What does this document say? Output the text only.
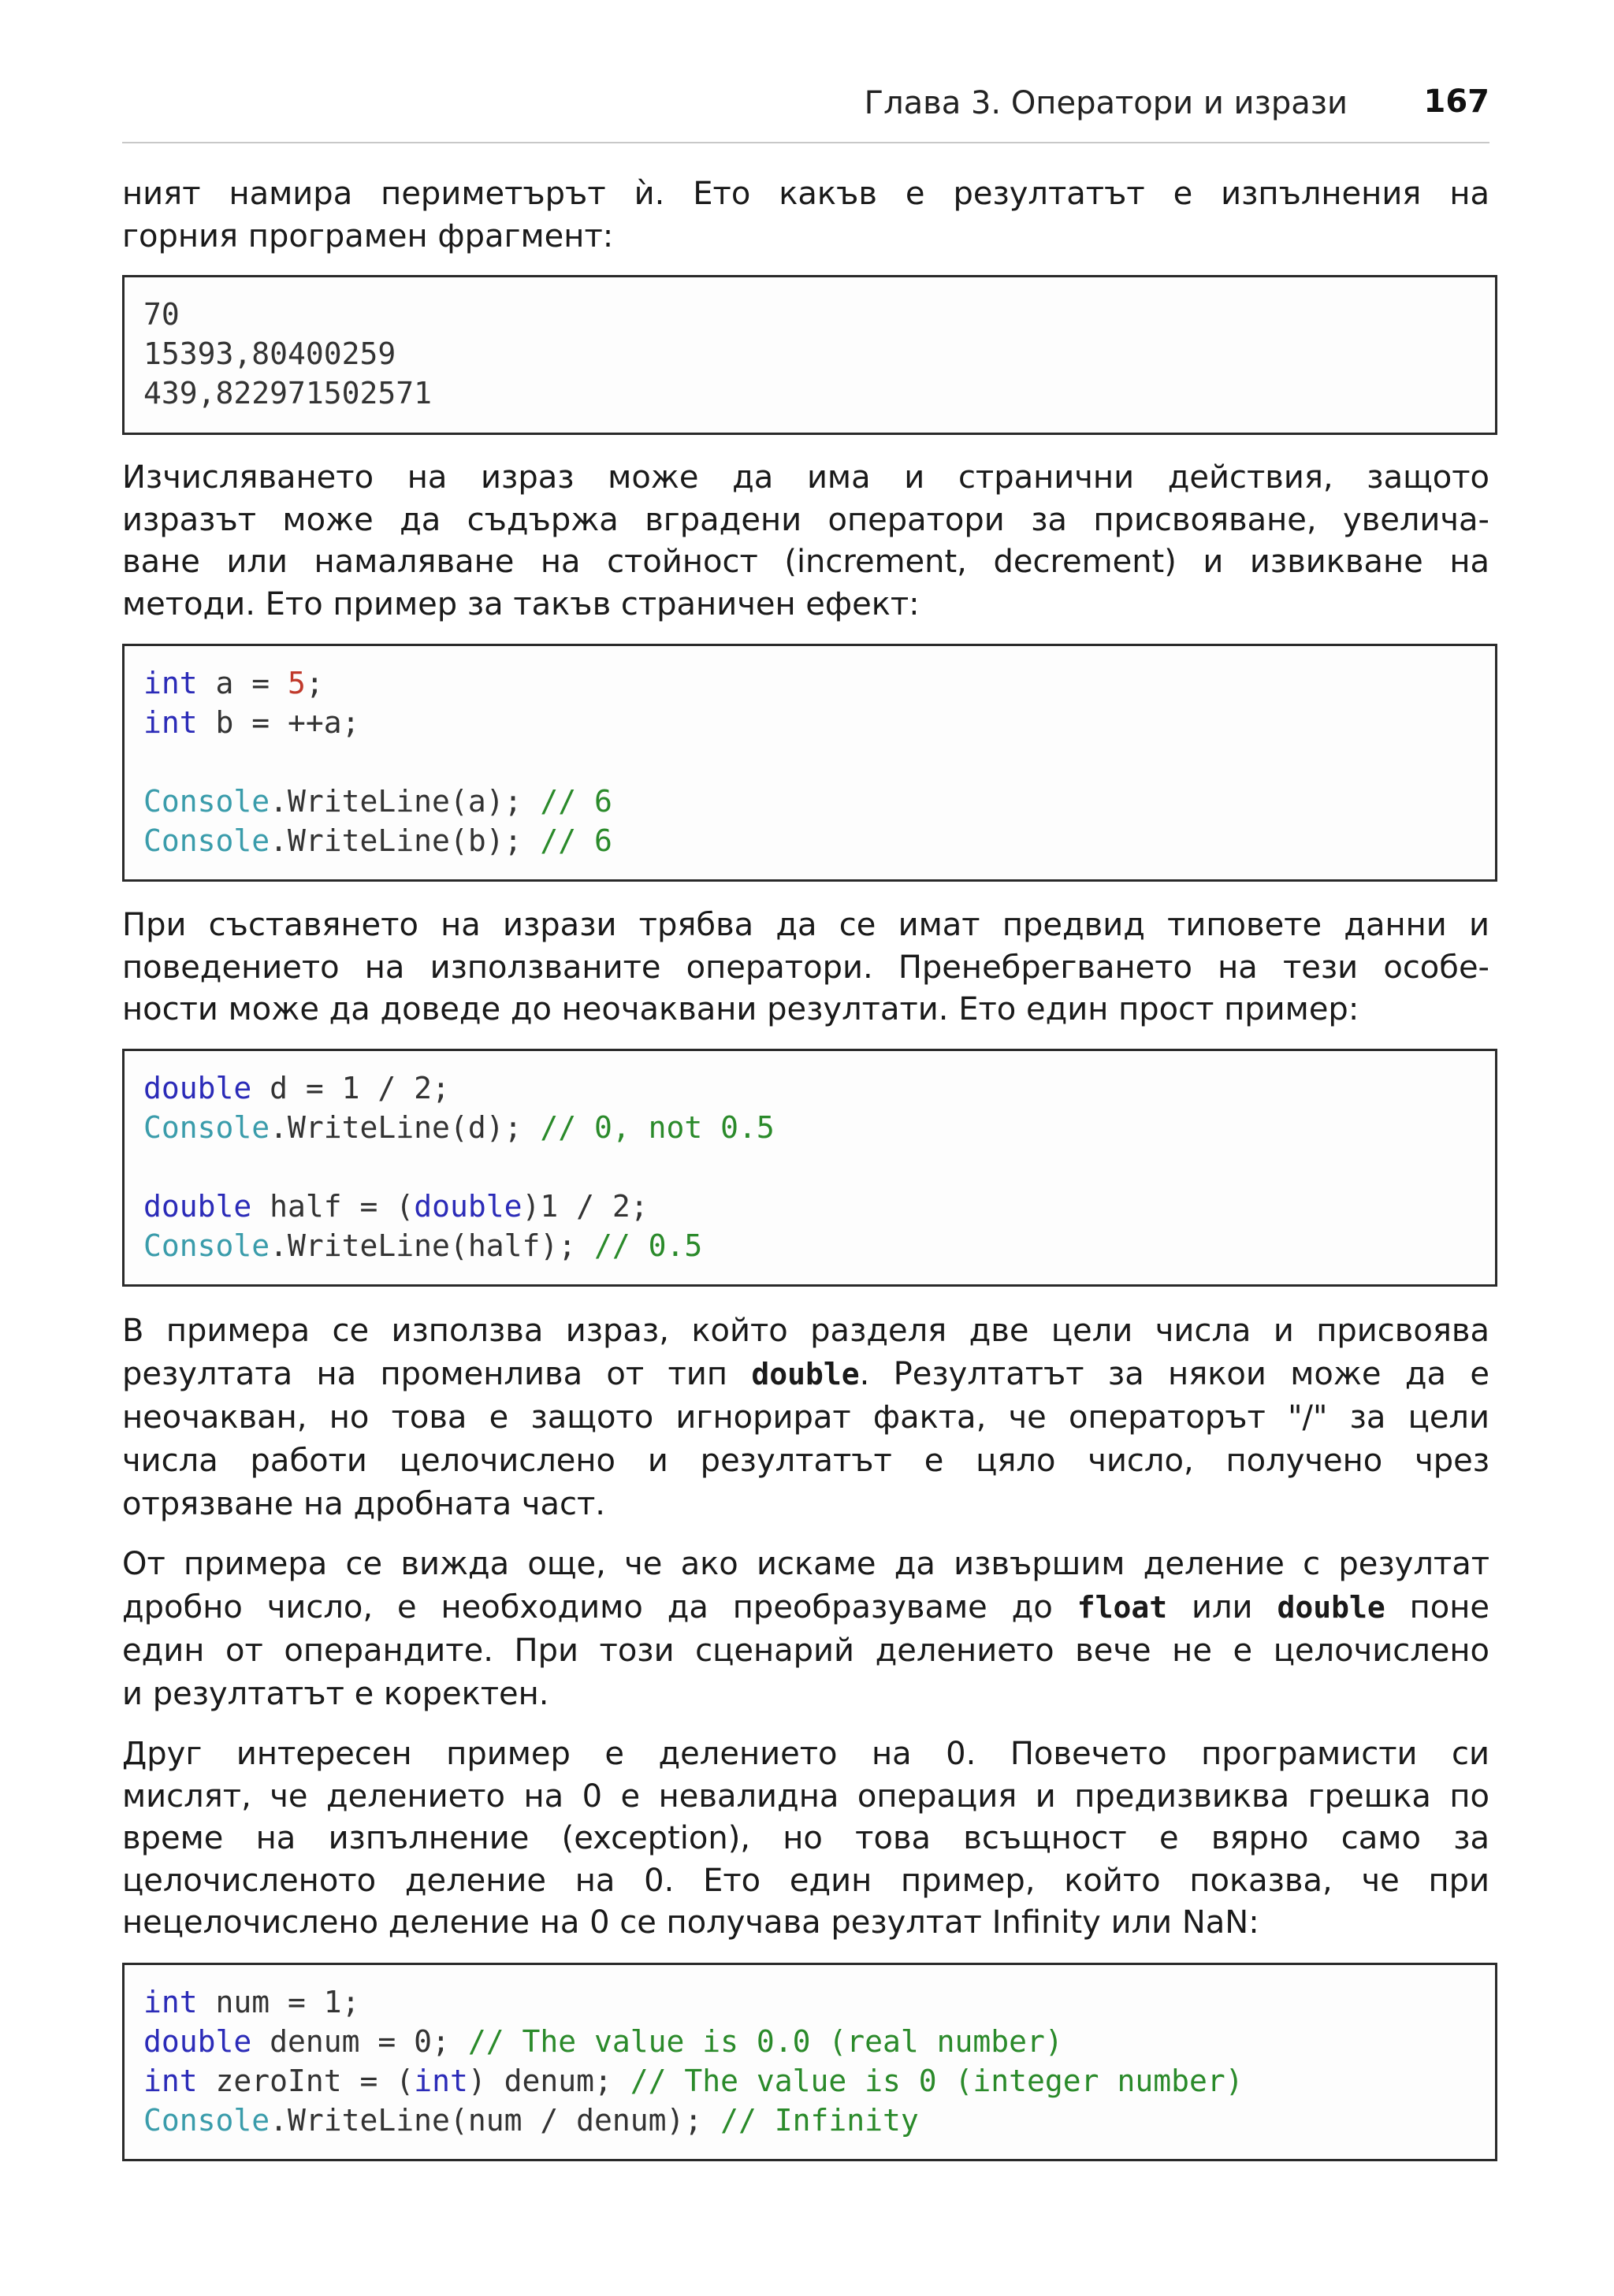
Глава 3. Оператори и изрази 167
ният намира периметърът ѝ. Ето какъв е резултатът е изпълнения на
горния програмен фрагмент:
70
15393,80400259
439,822971502571
Изчисляването на израз може да има и странични действия, защото
изразът може да съдържа вградени оператори за присвояване, увелича-
ване или намаляване на стойност (increment, decrement) и извикване на
методи. Ето пример за такъв страничен ефект:
int a = 5;
int b = ++a;
Console.WriteLine(a); // 6
Console.WriteLine(b); // 6
При съставянето на изрази трябва да се имат предвид типовете данни и
поведението на използваните оператори. Пренебрегването на тези особе-
ности може да доведе до неочаквани резултати. Ето един прост пример:
double d = 1 / 2;
Console.WriteLine(d); // 0, not 0.5
double half = (double)1 / 2;
Console.WriteLine(half); // 0.5
В примера се използва израз, който разделя две цели числа и присвоява
резултата на променлива от тип double. Резултатът за някои може да е
неочакван, но това е защото игнорират факта, че операторът "/" за цели
числа работи целочислено и резултатът е цяло число, получено чрез
отрязване на дробната част.
От примера се вижда още, че ако искаме да извършим деление с резултат
дробно число, е необходимо да преобразуваме до float или double поне
един от операндите. При този сценарий делението вече не е целочислено
и резултатът е коректен.
Друг интересен пример е делението на 0. Повечето програмисти си
мислят, че делението на 0 е невалидна операция и предизвиква грешка по
време на изпълнение (exception), но това всъщност е вярно само за
целочисленото деление на 0. Ето един пример, който показва, че при
нецелочислено деление на 0 се получава резултат Infinity или NaN:
int num = 1;
double denum = 0; // The value is 0.0 (real number)
int zeroInt = (int) denum; // The value is 0 (integer number)
Console.WriteLine(num / denum); // Infinity
